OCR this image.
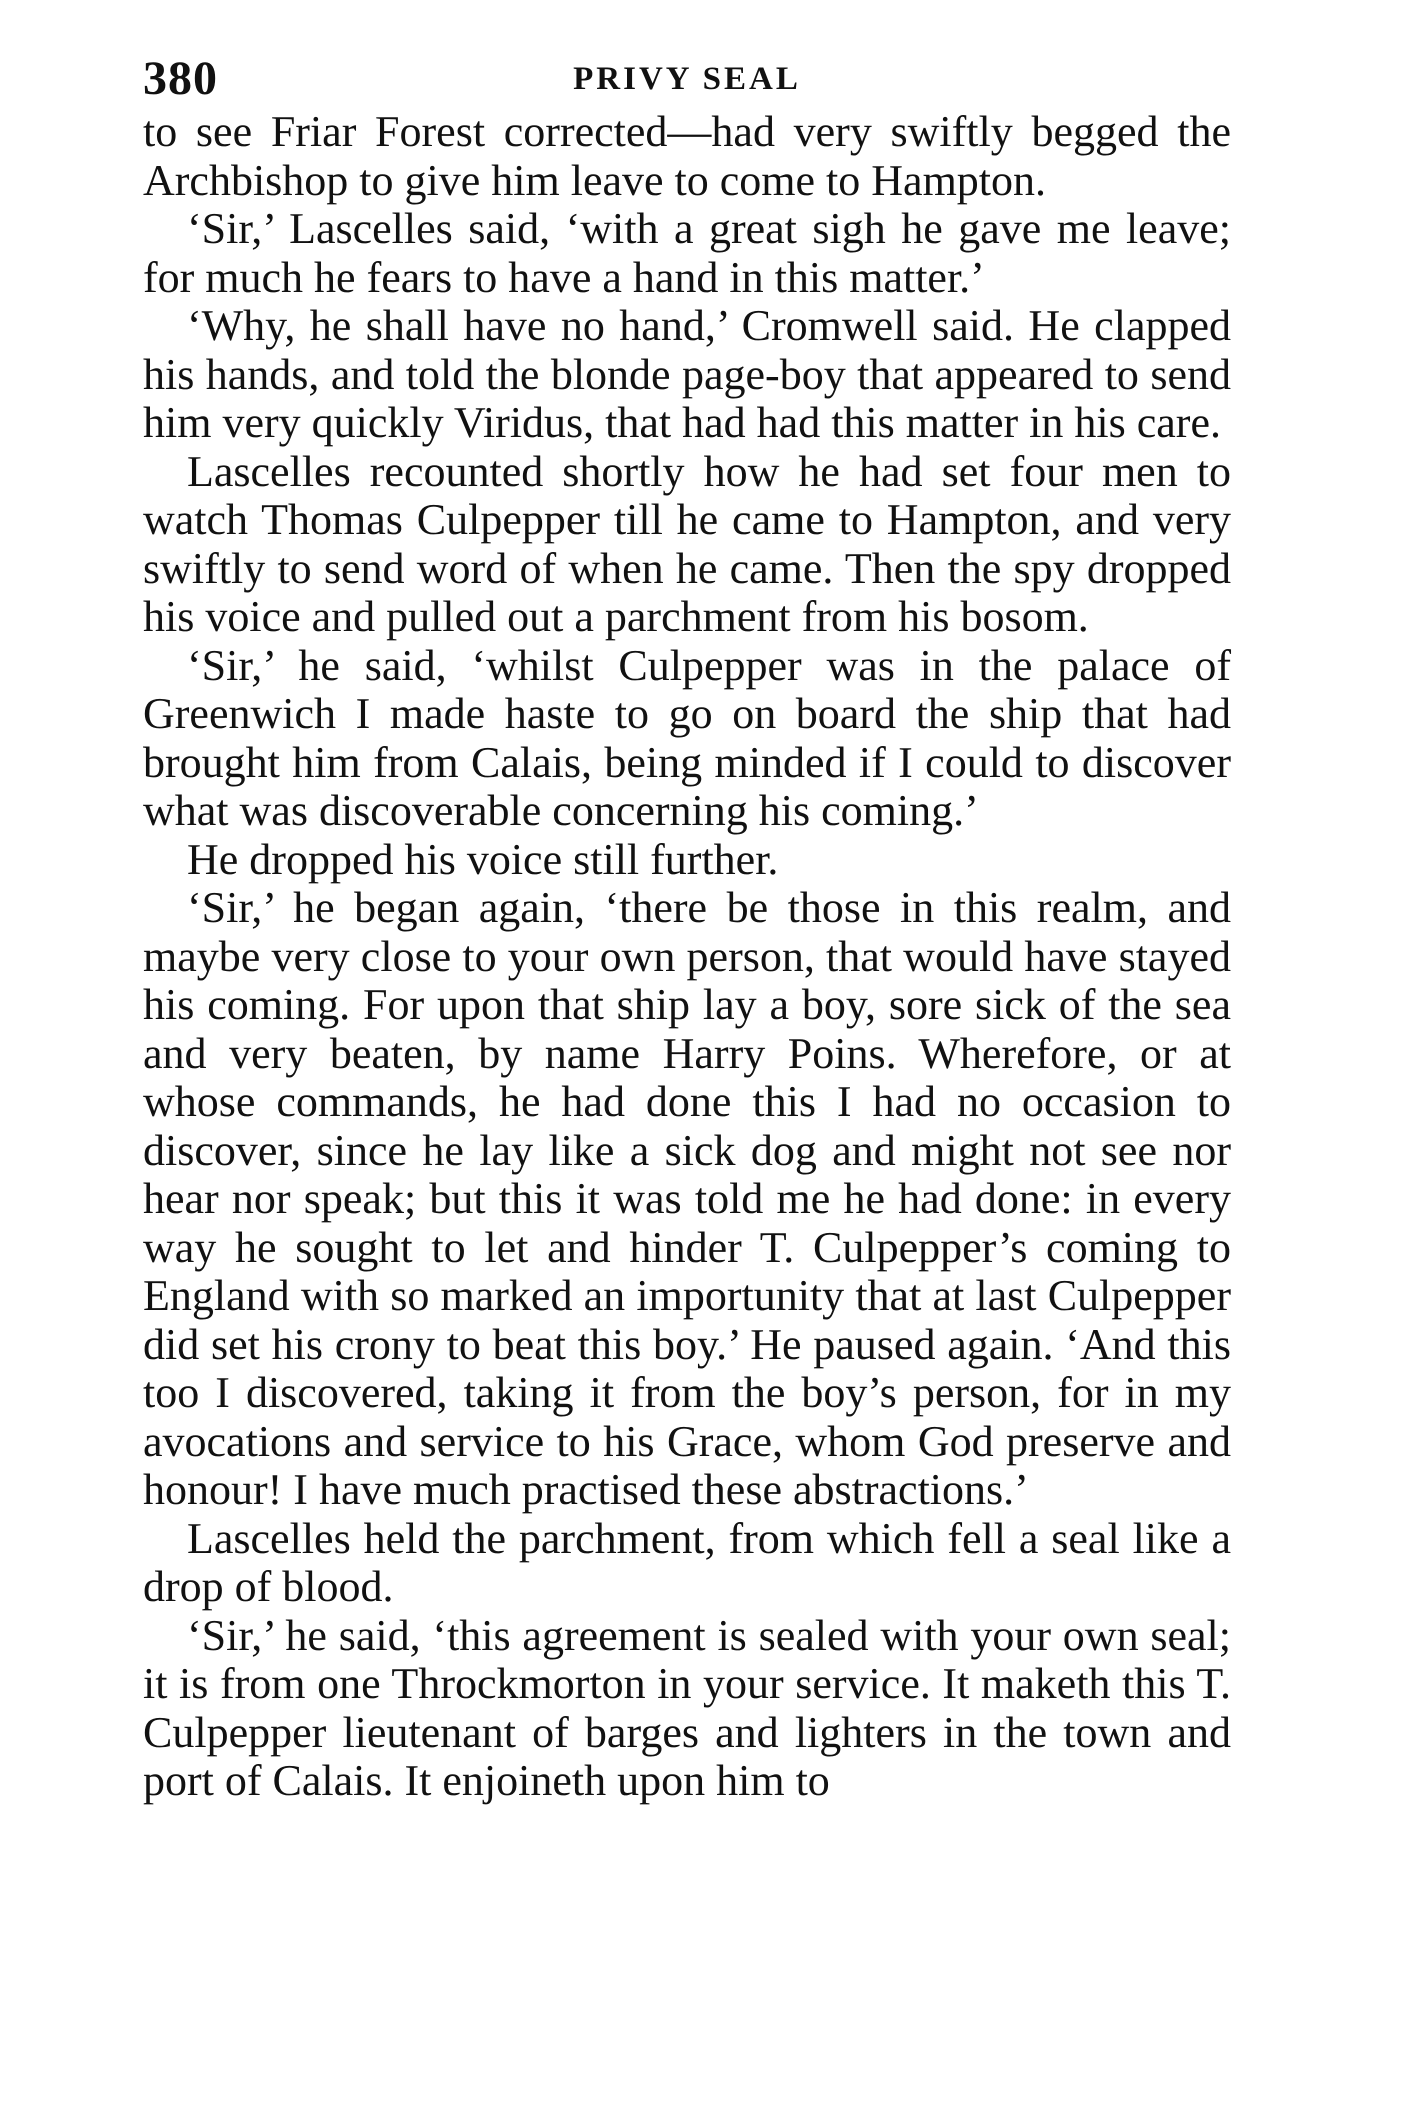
380	PRIVY SEAL

to see Friar Forest corrected—had very swiftly begged the Archbishop to give him leave to come to Hampton.

‘Sir,’ Lascelles said, ‘with a great sigh he gave me leave; for much he fears to have a hand in this matter.’

‘Why, he shall have no hand,’ Cromwell said. He clapped his hands, and told the blonde page-boy that appeared to send him very quickly Viridus, that had had this matter in his care.

Lascelles recounted shortly how he had set four men to watch Thomas Culpepper till he came to Hampton, and very swiftly to send word of when he came. Then the spy dropped his voice and pulled out a parchment from his bosom.

‘Sir,’ he said, ‘whilst Culpepper was in the palace of Greenwich I made haste to go on board the ship that had brought him from Calais, being minded if I could to discover what was discoverable concerning his coming.’

He dropped his voice still further.

‘Sir,’ he began again, ‘there be those in this realm, and maybe very close to your own person, that would have stayed his coming. For upon that ship lay a boy, sore sick of the sea and very beaten, by name Harry Poins. Wherefore, or at whose commands, he had done this I had no occasion to discover, since he lay like a sick dog and might not see nor hear nor speak; but this it was told me he had done: in every way he sought to let and hinder T. Culpepper’s coming to England with so marked an importunity that at last Culpepper did set his crony to beat this boy.’ He paused again. ‘And this too I discovered, taking it from the boy’s person, for in my avocations and service to his Grace, whom God preserve and honour! I have much practised these abstractions.’

Lascelles held the parchment, from which fell a seal like a drop of blood.

‘Sir,’ he said, ‘this agreement is sealed with your own seal; it is from one Throckmorton in your service. It maketh this T. Culpepper lieutenant of barges and lighters in the town and port of Calais. It enjoineth upon him to
